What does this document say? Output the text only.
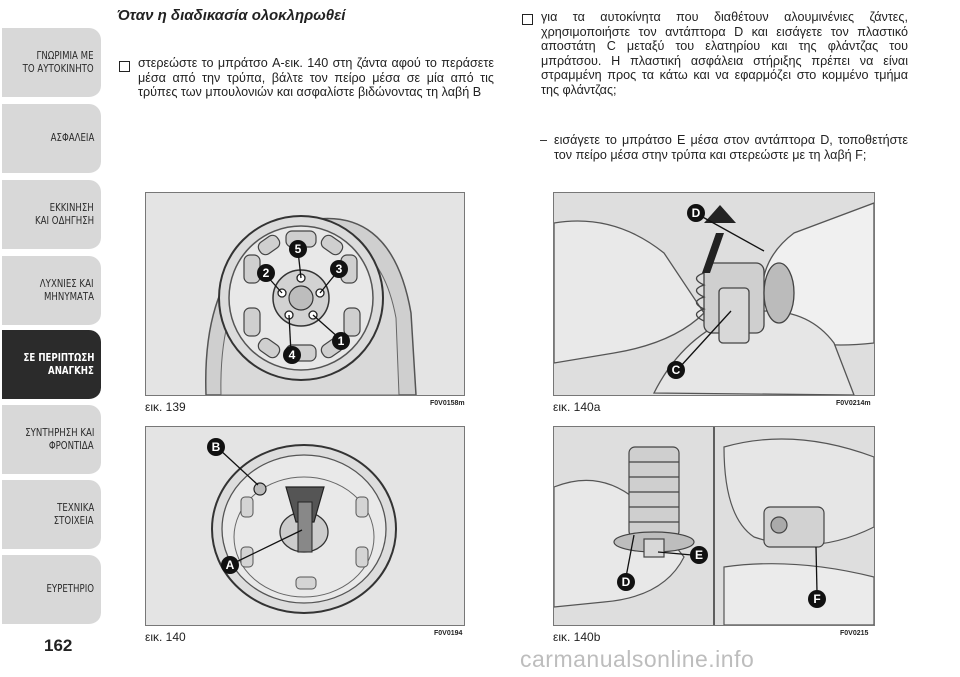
ΓΝΩΡΙΜΙΑ ΜΕ
ΤΟ ΑΥΤΟΚΙΝΗΤΟ
ΑΣΦΑΛΕΙΑ
ΕΚΚΙΝΗΣΗ
ΚΑΙ ΟΔΗΓΗΣΗ
ΛΥΧΝΙΕΣ ΚΑΙ
ΜΗΝΥΜΑΤΑ
ΣΕ ΠΕΡΙΠΤΩΣΗ
ΑΝΑΓΚΗΣ
ΣΥΝΤΗΡΗΣΗ ΚΑΙ
ΦΡΟΝΤΙΔΑ
ΤΕΧΝΙΚΑ
ΣΤΟΙΧΕΙΑ
ΕΥΡΕΤΗΡΙΟ
162
Όταν η διαδικασία ολοκληρωθεί
στερεώστε το μπράτσο A-εικ. 140 στη ζάντα αφού το περάσετε μέσα από την τρύπα, βάλτε τον πείρο μέσα σε μία από τις τρύπες των μπουλονιών και ασφαλίστε βιδώνοντας τη λαβή B
για τα αυτοκίνητα που διαθέτουν αλουμινένιες ζάντες, χρησιμοποιήστε τον αντάπτορα D και εισάγετε τον πλαστικό αποστάτη C μεταξύ του ελατηρίου και της φλάντζας του μπράτσου. Η πλαστική ασφάλεια στήριξης πρέπει να είναι στραμμένη προς τα κάτω και να εφαρμόζει στο κομμένο τμήμα της φλάντζας;
– εισάγετε το μπράτσο E μέσα στον αντάπτορα D, τοποθετήστε τον πείρο μέσα στην τρύπα και στερεώστε με τη λαβή F;
5
2	3
1
4
εικ. 139	F0V0158m
D
C
εικ. 140a	F0V0214m
B
A
εικ. 140	F0V0194
E
D
F
εικ. 140b	F0V0215
carmanualsonline.info
